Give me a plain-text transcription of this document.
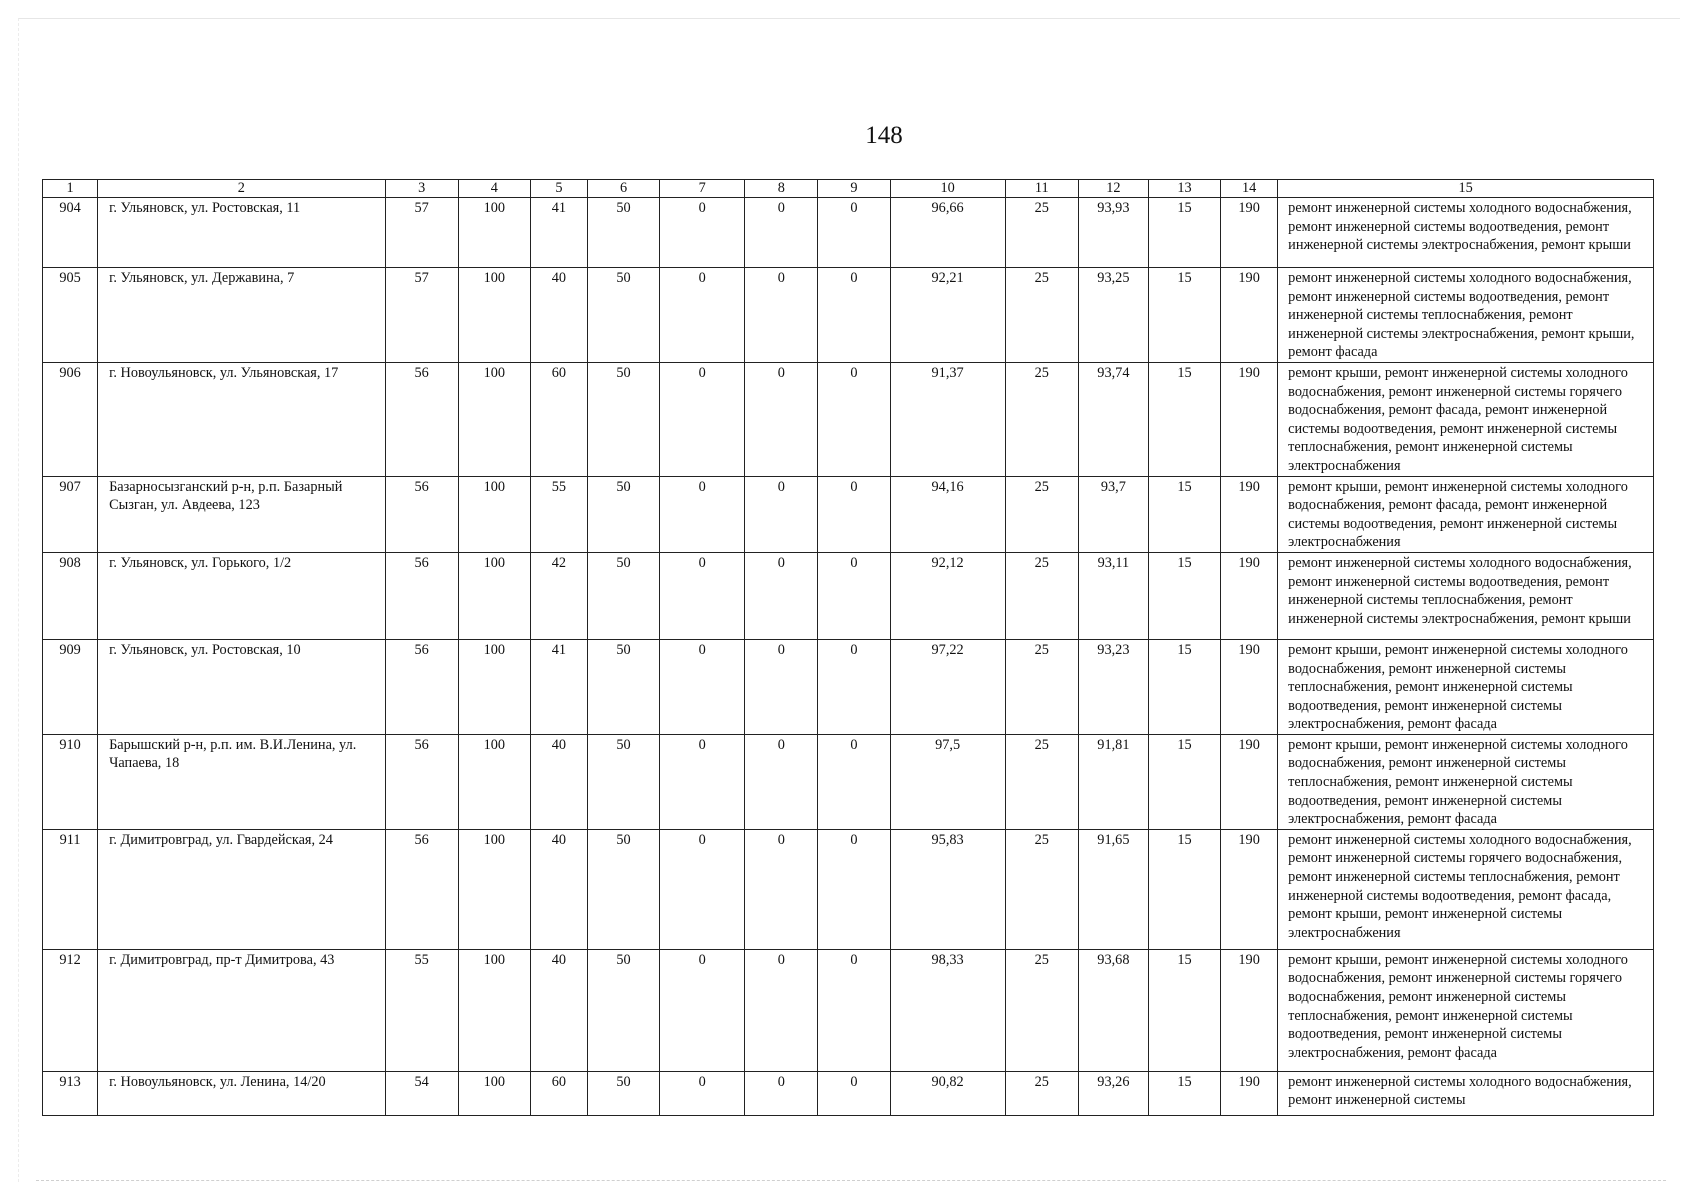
148
1	2	3	4	5	6	7	8	9	10	11	12	13	14	15
904	г. Ульяновск, ул. Ростовская, 11	57	100	41	50	0	0	0	96,66	25	93,93	15	190	ремонт инженерной системы холодного водоснабжения, ремонт инженерной системы водоотведения, ремонт инженерной системы электроснабжения, ремонт крыши
905	г. Ульяновск, ул. Державина, 7	57	100	40	50	0	0	0	92,21	25	93,25	15	190	ремонт инженерной системы холодного водоснабжения, ремонт инженерной системы водоотведения, ремонт инженерной системы теплоснабжения, ремонт инженерной системы электроснабжения, ремонт крыши, ремонт фасада
906	г. Новоульяновск, ул. Ульяновская, 17	56	100	60	50	0	0	0	91,37	25	93,74	15	190	ремонт крыши, ремонт инженерной системы холодного водоснабжения, ремонт инженерной системы горячего водоснабжения, ремонт фасада, ремонт инженерной системы водоотведения, ремонт инженерной системы теплоснабжения, ремонт инженерной системы электроснабжения
907	Базарносызганский р-н, р.п. Базарный Сызган, ул. Авдеева, 123	56	100	55	50	0	0	0	94,16	25	93,7	15	190	ремонт крыши, ремонт инженерной системы холодного водоснабжения, ремонт фасада, ремонт инженерной системы водоотведения, ремонт инженерной системы электроснабжения
908	г. Ульяновск, ул. Горького, 1/2	56	100	42	50	0	0	0	92,12	25	93,11	15	190	ремонт инженерной системы холодного водоснабжения, ремонт инженерной системы водоотведения, ремонт инженерной системы теплоснабжения, ремонт инженерной системы электроснабжения, ремонт крыши
909	г. Ульяновск, ул. Ростовская, 10	56	100	41	50	0	0	0	97,22	25	93,23	15	190	ремонт крыши, ремонт инженерной системы холодного водоснабжения, ремонт инженерной системы теплоснабжения, ремонт инженерной системы водоотведения, ремонт инженерной системы электроснабжения, ремонт фасада
910	Барышский р-н, р.п. им. В.И.Ленина, ул. Чапаева, 18	56	100	40	50	0	0	0	97,5	25	91,81	15	190	ремонт крыши, ремонт инженерной системы холодного водоснабжения, ремонт инженерной системы теплоснабжения, ремонт инженерной системы водоотведения, ремонт инженерной системы электроснабжения, ремонт фасада
911	г. Димитровград, ул. Гвардейская, 24	56	100	40	50	0	0	0	95,83	25	91,65	15	190	ремонт инженерной системы холодного водоснабжения, ремонт инженерной системы горячего водоснабжения, ремонт инженерной системы теплоснабжения, ремонт инженерной системы водоотведения, ремонт фасада, ремонт крыши, ремонт инженерной системы электроснабжения
912	г. Димитровград, пр-т Димитрова, 43	55	100	40	50	0	0	0	98,33	25	93,68	15	190	ремонт крыши, ремонт инженерной системы холодного водоснабжения, ремонт инженерной системы горячего водоснабжения, ремонт инженерной системы теплоснабжения, ремонт инженерной системы водоотведения, ремонт инженерной системы электроснабжения, ремонт фасада
913	г. Новоульяновск, ул. Ленина, 14/20	54	100	60	50	0	0	0	90,82	25	93,26	15	190	ремонт инженерной системы холодного водоснабжения, ремонт инженерной системы
